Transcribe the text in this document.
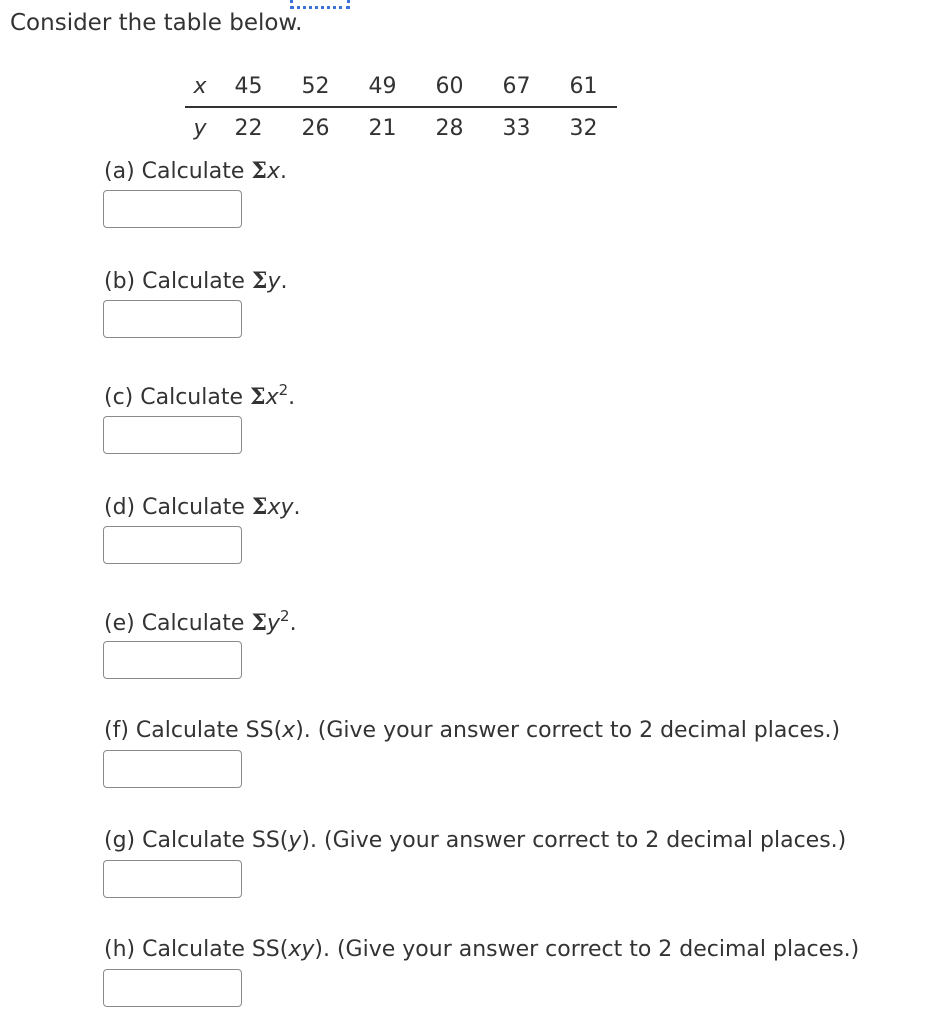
Consider the table below.
x	45	52	49	60	67	61
y	22	26	21	28	33	32
(a) Calculate Σx.
(b) Calculate Σy.
(c) Calculate $\Sigma x^2$.
(d) Calculate Σxy.
(e) Calculate $\Sigma y^2$.
(f) Calculate SS(x). (Give your answer correct to 2 decimal places.)
(g) Calculate SS(y). (Give your answer correct to 2 decimal places.)
(h) Calculate SS(xy). (Give your answer correct to 2 decimal places.)
